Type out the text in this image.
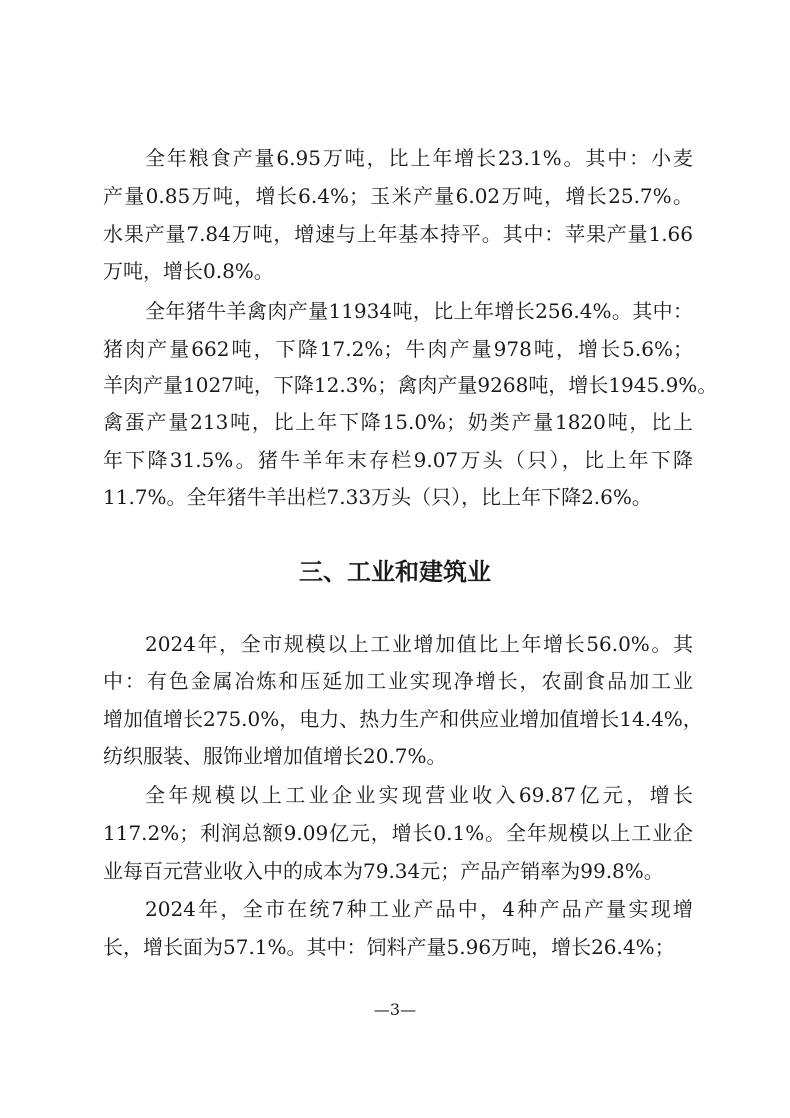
全年粮食产量6.95万吨，比上年增长23.1%。其中：小麦
产量0.85万吨，增长6.4%；玉米产量6.02万吨，增长25.7%。
水果产量7.84万吨，增速与上年基本持平。其中：苹果产量1.66
万吨，增长0.8%。
全年猪牛羊禽肉产量11934吨，比上年增长256.4%。其中：
猪肉产量662吨，下降17.2%；牛肉产量978吨，增长5.6%；
羊肉产量1027吨，下降12.3%；禽肉产量9268吨，增长1945.9%。
禽蛋产量213吨，比上年下降15.0%；奶类产量1820吨，比上
年下降31.5%。猪牛羊年末存栏9.07万头（只），比上年下降
11.7%。全年猪牛羊出栏7.33万头（只），比上年下降2.6%。
2024年，全市规模以上工业增加值比上年增长56.0%。其
中：有色金属冶炼和压延加工业实现净增长，农副食品加工业
增加值增长275.0%，电力、热力生产和供应业增加值增长14.4%，
纺织服装、服饰业增加值增长20.7%。
全年规模以上工业企业实现营业收入69.87亿元，增长
117.2%；利润总额9.09亿元，增长0.1%。全年规模以上工业企
业每百元营业收入中的成本为79.34元；产品产销率为99.8%。
2024年，全市在统7种工业产品中，4种产品产量实现增
长，增长面为57.1%。其中：饲料产量5.96万吨，增长26.4%；
三、工业和建筑业
—3—
